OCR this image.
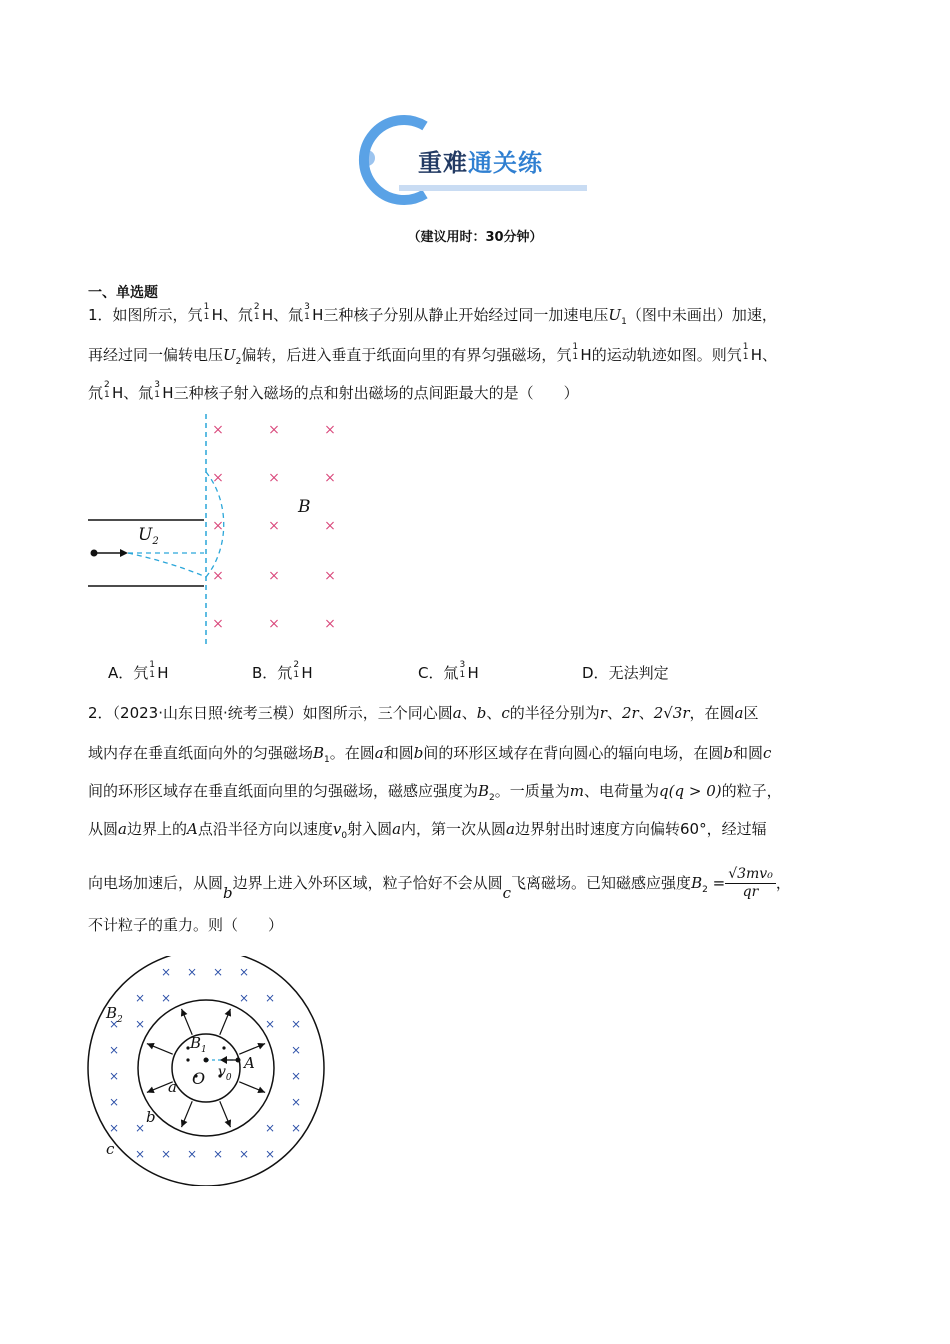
重难通关练
（建议用时：30分钟）
一、单选题
1．如图所示，氕 1
1 H、氘 2
1 H、氚 3
1 H三种核子分别从静止开始经过同一加速电压$U_1$（图中未画出）加速，
再经过同一偏转电压$U_2$偏转，后进入垂直于纸面向里的有界匀强磁场，氕 1
1 H的运动轨迹如图。则氕 1
1 H、
氘 2
1 H、氚 3
1 H三种核子射入磁场的点和射出磁场的点间距最大的是（　　）
×	×	×
×	×	×
×	×	×
×	×	×
×	×	×
$U_2$
B
A．氕 1
1 H	B．氘 2
1 H	C．氚 3
1 H	D．无法判定
2．（2023·山东日照·统考三模）如图所示，三个同心圆a、b、c的半径分别为r、2r、2√3r，在圆a区
域内存在垂直纸面向外的匀强磁场$B_1$。在圆a和圆b间的环形区域存在背向圆心的辐向电场，在圆b和圆c
间的环形区域存在垂直纸面向里的匀强磁场，磁感应强度为$B_2$。一质量为m、电荷量为q(q > 0)的粒子，
从圆a边界上的A点沿半径方向以速度$v_0$射入圆a内，第一次从圆a边界射出时速度方向偏转60°，经过辐
向电场加速后，从圆b边界上进入外环区域，粒子恰好不会从圆c飞离磁场。已知磁感应强度$B_2 = \frac{\text{√3mv₀}}{qr}$ ，
不计粒子的重力。则（　　）
× × × ×
× ×	× ×
× ×	× ×
×	×
×	×
×	×
× ×	× ×
× × × × × ×
$B_2$
$B_1$
O $v_0$
A
a
b
c
